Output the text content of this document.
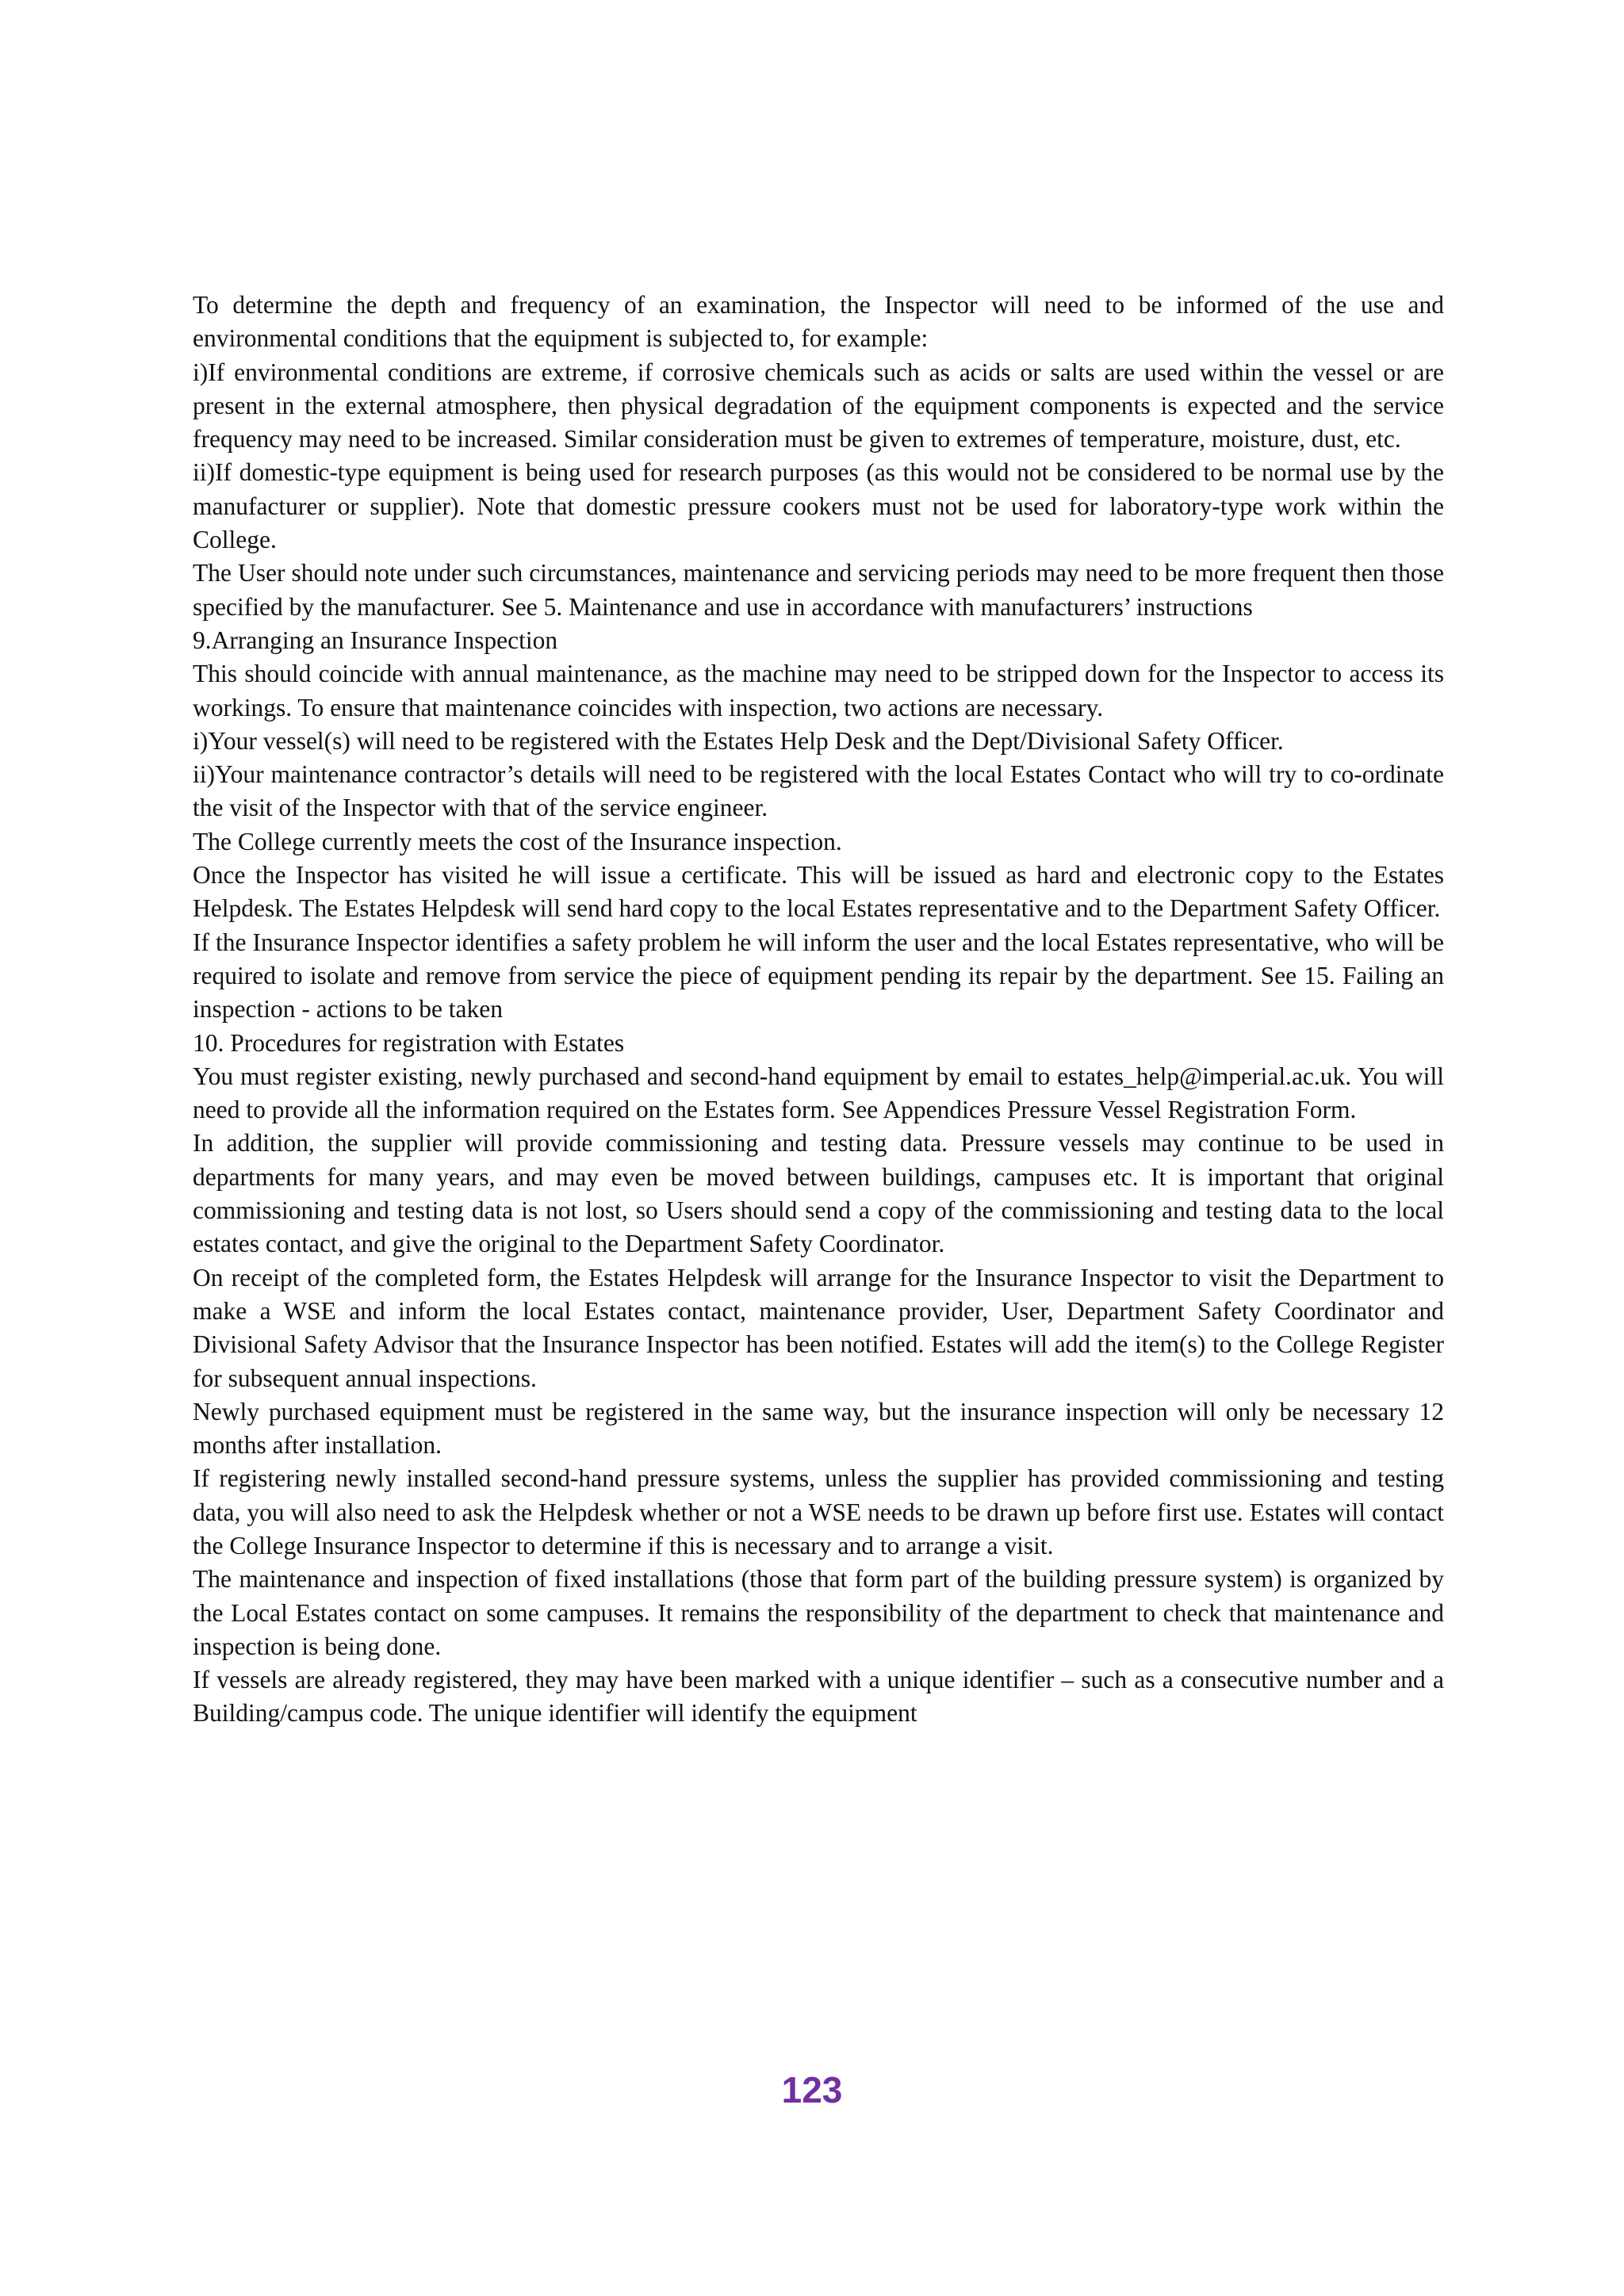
To determine the depth and frequency of an examination, the Inspector will need to be informed of the use and environmental conditions that the equipment is subjected to, for example:

i)If environmental conditions are extreme, if corrosive chemicals such as acids or salts are used within the vessel or are present in the external atmosphere, then physical degradation of the equipment components is expected and the service frequency may need to be increased. Similar consideration must be given to extremes of temperature, moisture, dust, etc.

ii)If domestic-type equipment is being used for research purposes (as this would not be considered to be normal use by the manufacturer or supplier). Note that domestic pressure cookers must not be used for laboratory-type work within the College.

The User should note under such circumstances, maintenance and servicing periods may need to be more frequent then those specified by the manufacturer. See 5. Maintenance and use in accordance with manufacturers’ instructions

9.Arranging an Insurance Inspection

This should coincide with annual maintenance, as the machine may need to be stripped down for the Inspector to access its workings. To ensure that maintenance coincides with inspection, two actions are necessary.

i)Your vessel(s) will need to be registered with the Estates Help Desk and the Dept/Divisional Safety Officer.

ii)Your maintenance contractor’s details will need to be registered with the local Estates Contact who will try to co-ordinate the visit of the Inspector with that of the service engineer.

The College currently meets the cost of the Insurance inspection.

Once the Inspector has visited he will issue a certificate. This will be issued as hard and electronic copy to the Estates Helpdesk. The Estates Helpdesk will send hard copy to the local Estates representative and to the Department Safety Officer.

If the Insurance Inspector identifies a safety problem he will inform the user and the local Estates representative, who will be required to isolate and remove from service the piece of equipment pending its repair by the department. See 15. Failing an inspection - actions to be taken

10. Procedures for registration with Estates

You must register existing, newly purchased and second-hand equipment by email to estates_help@imperial.ac.uk. You will need to provide all the information required on the Estates form. See Appendices Pressure Vessel Registration Form.

In addition, the supplier will provide commissioning and testing data. Pressure vessels may continue to be used in departments for many years, and may even be moved between buildings, campuses etc. It is important that original commissioning and testing data is not lost, so Users should send a copy of the commissioning and testing data to the local estates contact, and give the original to the Department Safety Coordinator.

On receipt of the completed form, the Estates Helpdesk will arrange for the Insurance Inspector to visit the Department to make a WSE and inform the local Estates contact, maintenance provider, User, Department Safety Coordinator and Divisional Safety Advisor that the Insurance Inspector has been notified. Estates will add the item(s) to the College Register for subsequent annual inspections.

Newly purchased equipment must be registered in the same way, but the insurance inspection will only be necessary 12 months after installation.

If registering newly installed second-hand pressure systems, unless the supplier has provided commissioning and testing data, you will also need to ask the Helpdesk whether or not a WSE needs to be drawn up before first use. Estates will contact the College Insurance Inspector to determine if this is necessary and to arrange a visit.

The maintenance and inspection of fixed installations (those that form part of the building pressure system) is organized by the Local Estates contact on some campuses. It remains the responsibility of the department to check that maintenance and inspection is being done.

If vessels are already registered, they may have been marked with a unique identifier – such as a consecutive number and a Building/campus code. The unique identifier will identify the equipment

123
